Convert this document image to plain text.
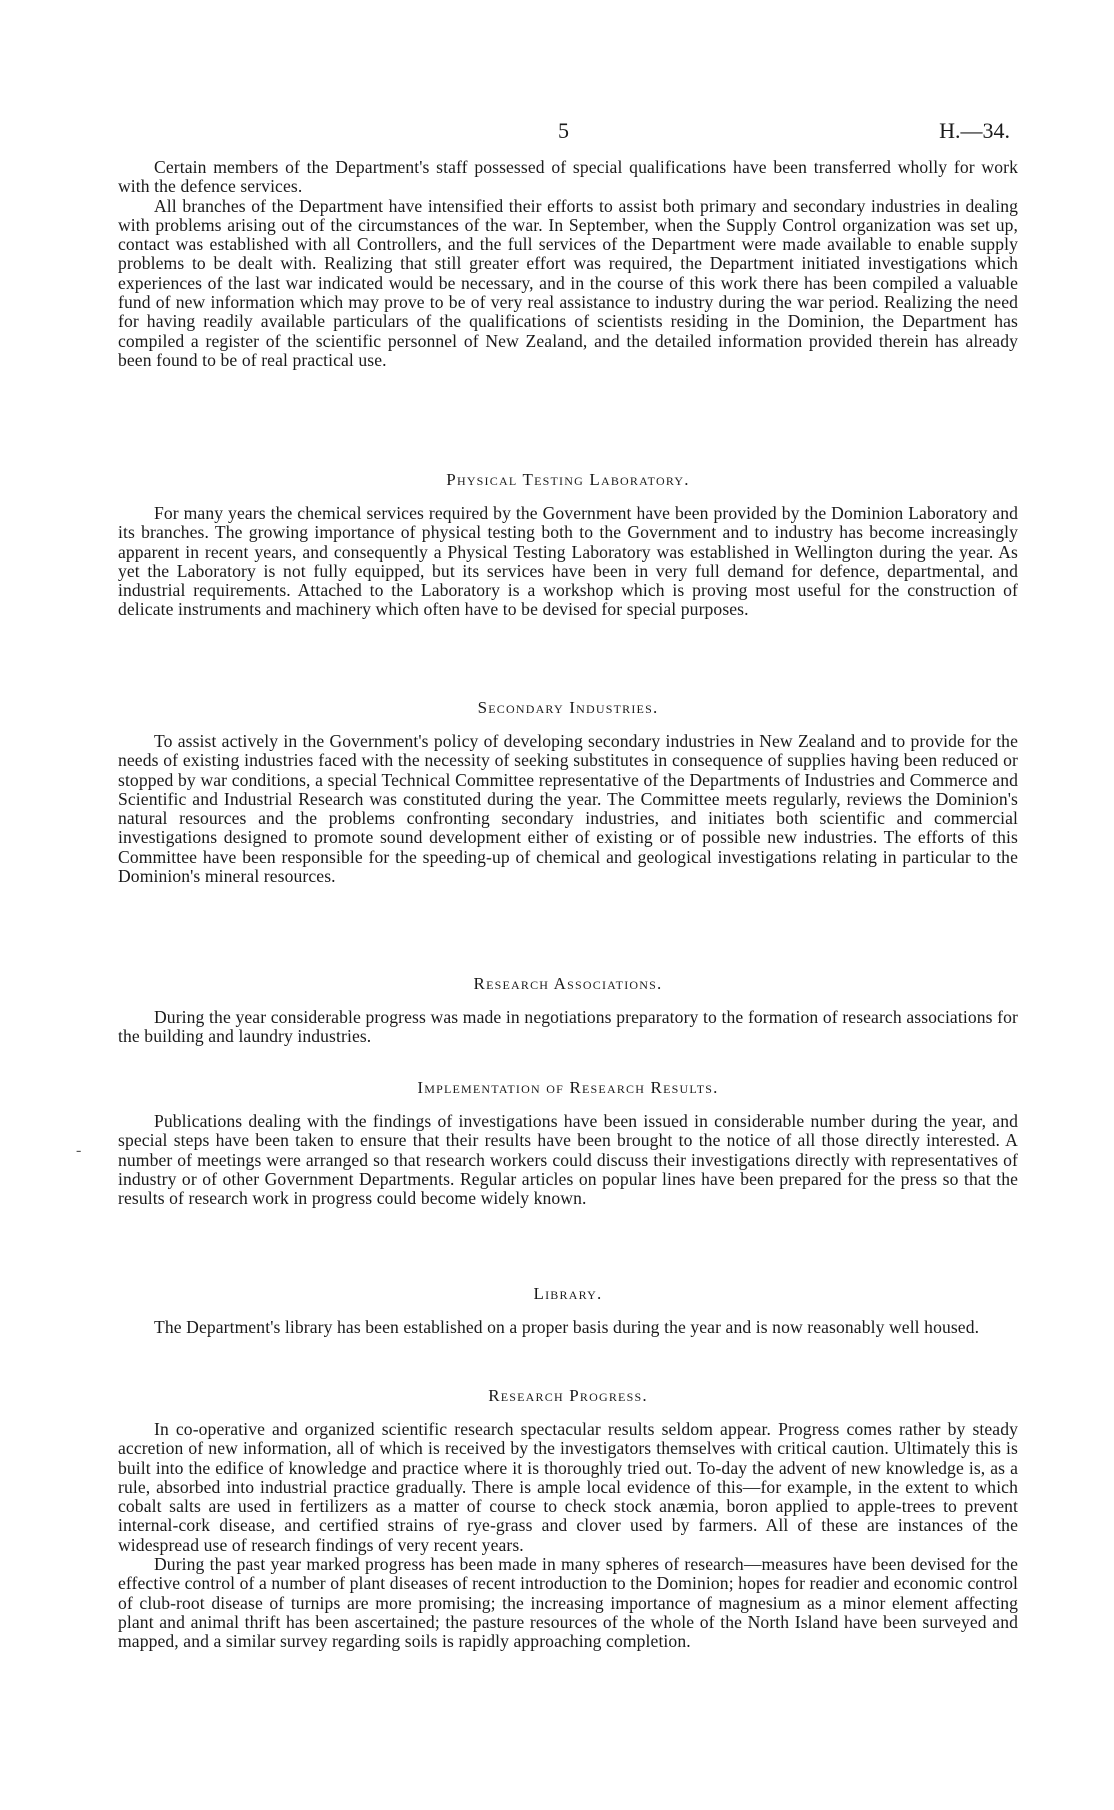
5	H.—34.

Certain members of the Department's staff possessed of special qualifications have been transferred wholly for work with the defence services.

All branches of the Department have intensified their efforts to assist both primary and secondary industries in dealing with problems arising out of the circumstances of the war. In September, when the Supply Control organization was set up, contact was established with all Controllers, and the full services of the Department were made available to enable supply problems to be dealt with. Realizing that still greater effort was required, the Department initiated investigations which experiences of the last war indicated would be necessary, and in the course of this work there has been compiled a valuable fund of new information which may prove to be of very real assistance to industry during the war period. Realizing the need for having readily available particulars of the qualifications of scientists residing in the Dominion, the Department has compiled a register of the scientific personnel of New Zealand, and the detailed information provided therein has already been found to be of real practical use.

Physical Testing Laboratory.

For many years the chemical services required by the Government have been provided by the Dominion Laboratory and its branches. The growing importance of physical testing both to the Government and to industry has become increasingly apparent in recent years, and consequently a Physical Testing Laboratory was established in Wellington during the year. As yet the Laboratory is not fully equipped, but its services have been in very full demand for defence, departmental, and industrial requirements. Attached to the Laboratory is a workshop which is proving most useful for the construction of delicate instruments and machinery which often have to be devised for special purposes.

Secondary Industries.

To assist actively in the Government's policy of developing secondary industries in New Zealand and to provide for the needs of existing industries faced with the necessity of seeking substitutes in consequence of supplies having been reduced or stopped by war conditions, a special Technical Committee representative of the Departments of Industries and Commerce and Scientific and Industrial Research was constituted during the year. The Committee meets regularly, reviews the Dominion's natural resources and the problems confronting secondary industries, and initiates both scientific and commercial investigations designed to promote sound development either of existing or of possible new industries. The efforts of this Committee have been responsible for the speeding-up of chemical and geological investigations relating in particular to the Dominion's mineral resources.

Research Associations.

During the year considerable progress was made in negotiations preparatory to the formation of research associations for the building and laundry industries.

Implementation of Research Results.

Publications dealing with the findings of investigations have been issued in considerable number during the year, and special steps have been taken to ensure that their results have been brought to the notice of all those directly interested. A number of meetings were arranged so that research workers could discuss their investigations directly with representatives of industry or of other Government Departments. Regular articles on popular lines have been prepared for the press so that the results of research work in progress could become widely known.

Library.

The Department's library has been established on a proper basis during the year and is now reasonably well housed.

Research Progress.

In co-operative and organized scientific research spectacular results seldom appear. Progress comes rather by steady accretion of new information, all of which is received by the investigators themselves with critical caution. Ultimately this is built into the edifice of knowledge and practice where it is thoroughly tried out. To-day the advent of new knowledge is, as a rule, absorbed into industrial practice gradually. There is ample local evidence of this—for example, in the extent to which cobalt salts are used in fertilizers as a matter of course to check stock anæmia, boron applied to apple-trees to prevent internal-cork disease, and certified strains of rye-grass and clover used by farmers. All of these are instances of the widespread use of research findings of very recent years.

During the past year marked progress has been made in many spheres of research—measures have been devised for the effective control of a number of plant diseases of recent introduction to the Dominion; hopes for readier and economic control of club-root disease of turnips are more promising; the increasing importance of magnesium as a minor element affecting plant and animal thrift has been ascertained; the pasture resources of the whole of the North Island have been surveyed and mapped, and a similar survey regarding soils is rapidly approaching completion.

-
